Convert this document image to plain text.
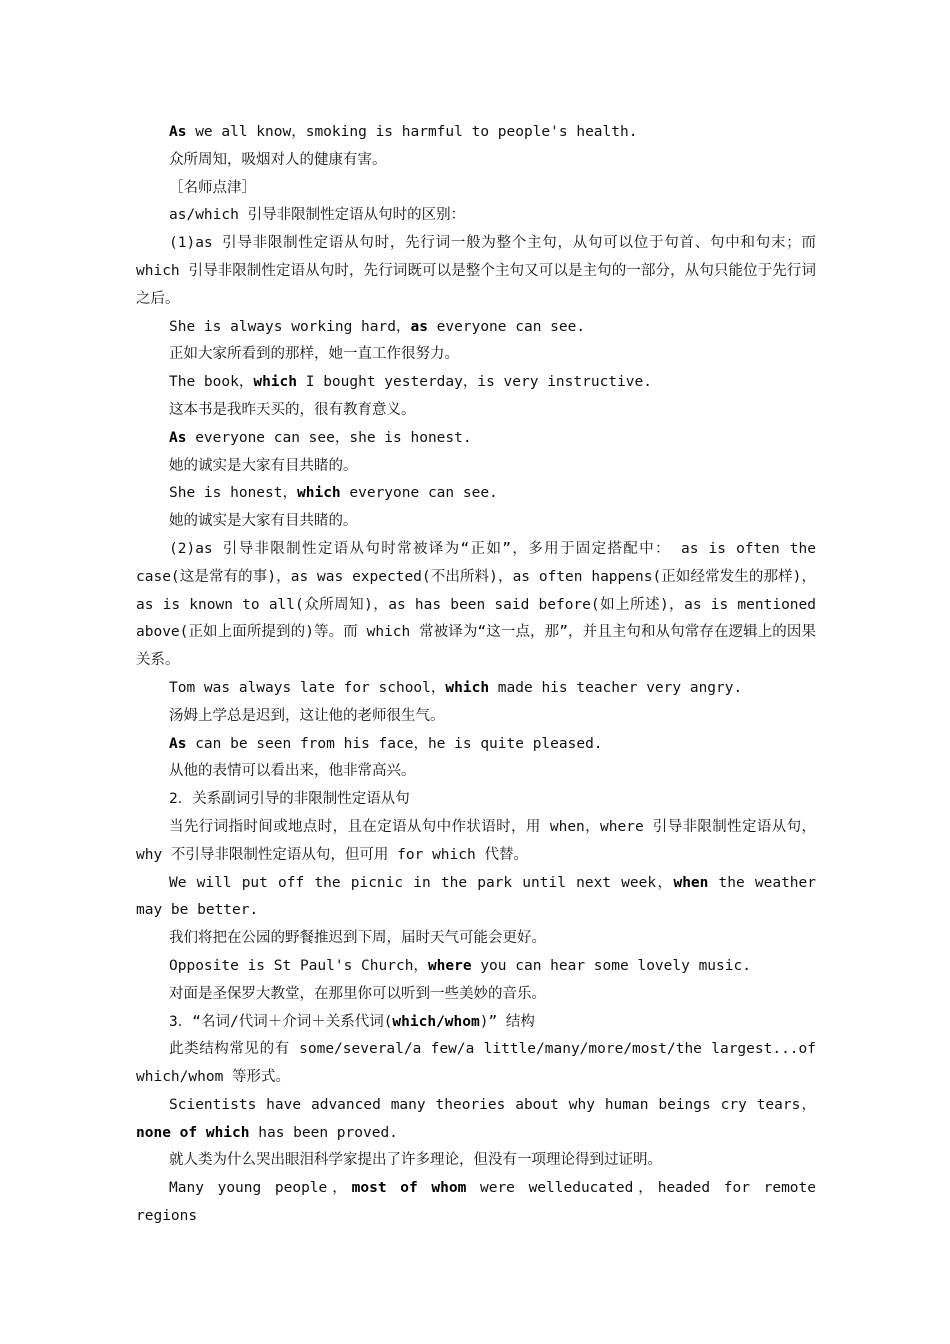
As we all know，smoking is harmful to people's health.

众所周知，吸烟对人的健康有害。

［名师点津］

as/which 引导非限制性定语从句时的区别：

(1)as 引导非限制性定语从句时，先行词一般为整个主句，从句可以位于句首、句中和句末；而 which 引导非限制性定语从句时，先行词既可以是整个主句又可以是主句的一部分，从句只能位于先行词之后。

She is always working hard，as everyone can see.

正如大家所看到的那样，她一直工作很努力。

The book，which I bought yesterday，is very instructive.

这本书是我昨天买的，很有教育意义。

As everyone can see，she is honest.

她的诚实是大家有目共睹的。

She is honest，which everyone can see.

她的诚实是大家有目共睹的。

(2)as 引导非限制性定语从句时常被译为“正如”，多用于固定搭配中： as is often the case(这是常有的事)，as was expected(不出所料)，as often happens(正如经常发生的那样)，as is known to all(众所周知)，as has been said before(如上所述)，as is mentioned above(正如上面所提到的)等。而 which 常被译为“这一点，那”，并且主句和从句常存在逻辑上的因果关系。

Tom was always late for school，which made his teacher very angry.

汤姆上学总是迟到，这让他的老师很生气。

As can be seen from his face，he is quite pleased.

从他的表情可以看出来，他非常高兴。

2．关系副词引导的非限制性定语从句

当先行词指时间或地点时，且在定语从句中作状语时，用 when，where 引导非限制性定语从句，why 不引导非限制性定语从句，但可用 for which 代替。

We will put off the picnic in the park until next week，when the weather may be better.

我们将把在公园的野餐推迟到下周，届时天气可能会更好。

Opposite is St Paul's Church，where you can hear some lovely music.

对面是圣保罗大教堂，在那里你可以听到一些美妙的音乐。

3．“名词/代词＋介词＋关系代词(which/whom)” 结构

此类结构常见的有 some/several/a few/a little/many/more/most/the largest...of which/whom 等形式。

Scientists have advanced many theories about why human beings cry tears，none of which has been proved.

就人类为什么哭出眼泪科学家提出了许多理论，但没有一项理论得到过证明。

Many young people，most of whom were welleducated，headed for remote regions
